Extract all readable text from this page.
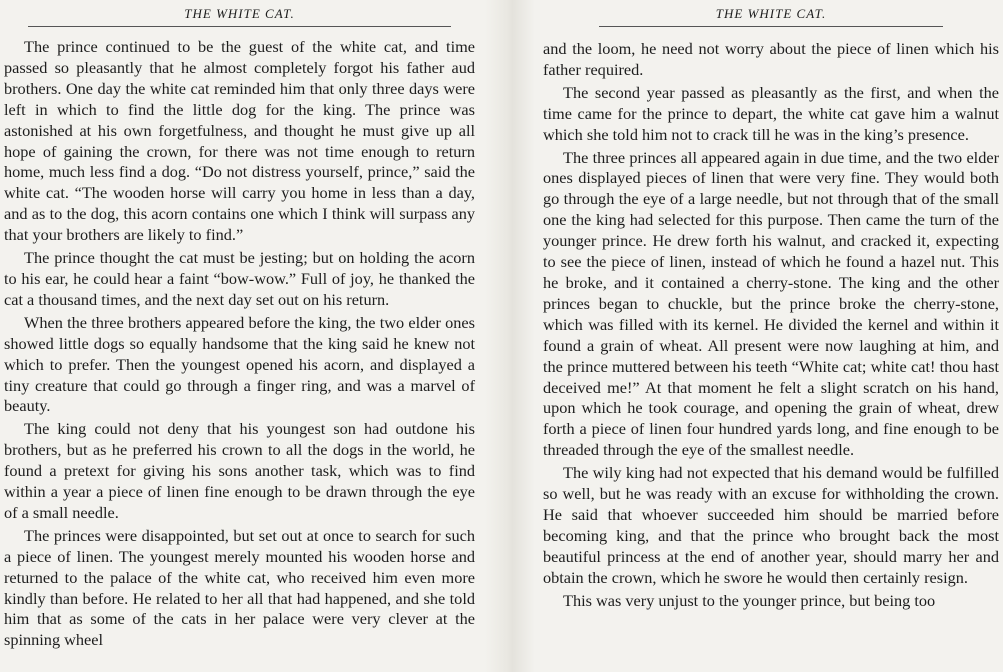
THE WHITE CAT.

The prince continued to be the guest of the white cat, and time passed so pleasantly that he almost completely forgot his father aud brothers. One day the white cat reminded him that only three days were left in which to find the little dog for the king. The prince was astonished at his own forgetfulness, and thought he must give up all hope of gaining the crown, for there was not time enough to return home, much less find a dog. “Do not distress yourself, prince,” said the white cat. “The wooden horse will carry you home in less than a day, and as to the dog, this acorn contains one which I think will surpass any that your brothers are likely to find.”

The prince thought the cat must be jesting; but on holding the acorn to his ear, he could hear a faint “bow-wow.” Full of joy, he thanked the cat a thousand times, and the next day set out on his return.

When the three brothers appeared before the king, the two elder ones showed little dogs so equally handsome that the king said he knew not which to prefer. Then the youngest opened his acorn, and displayed a tiny creature that could go through a finger ring, and was a marvel of beauty.

The king could not deny that his youngest son had outdone his brothers, but as he preferred his crown to all the dogs in the world, he found a pretext for giving his sons another task, which was to find within a year a piece of linen fine enough to be drawn through the eye of a small needle.

The princes were disappointed, but set out at once to search for such a piece of linen. The youngest merely mounted his wooden horse and returned to the palace of the white cat, who received him even more kindly than before. He related to her all that had happened, and she told him that as some of the cats in her palace were very clever at the spinning wheel

THE WHITE CAT.

and the loom, he need not worry about the piece of linen which his father required.

The second year passed as pleasantly as the first, and when the time came for the prince to depart, the white cat gave him a walnut which she told him not to crack till he was in the king’s presence.

The three princes all appeared again in due time, and the two elder ones displayed pieces of linen that were very fine. They would both go through the eye of a large needle, but not through that of the small one the king had selected for this purpose. Then came the turn of the younger prince. He drew forth his walnut, and cracked it, expecting to see the piece of linen, instead of which he found a hazel nut. This he broke, and it contained a cherry-stone. The king and the other princes began to chuckle, but the prince broke the cherry-stone, which was filled with its kernel. He divided the kernel and within it found a grain of wheat. All present were now laughing at him, and the prince muttered between his teeth “White cat; white cat! thou hast deceived me!” At that moment he felt a slight scratch on his hand, upon which he took courage, and opening the grain of wheat, drew forth a piece of linen four hundred yards long, and fine enough to be threaded through the eye of the smallest needle.

The wily king had not expected that his demand would be fulfilled so well, but he was ready with an excuse for withholding the crown. He said that whoever succeeded him should be married before becoming king, and that the prince who brought back the most beautiful princess at the end of another year, should marry her and obtain the crown, which he swore he would then certainly resign.

This was very unjust to the younger prince, but being too
